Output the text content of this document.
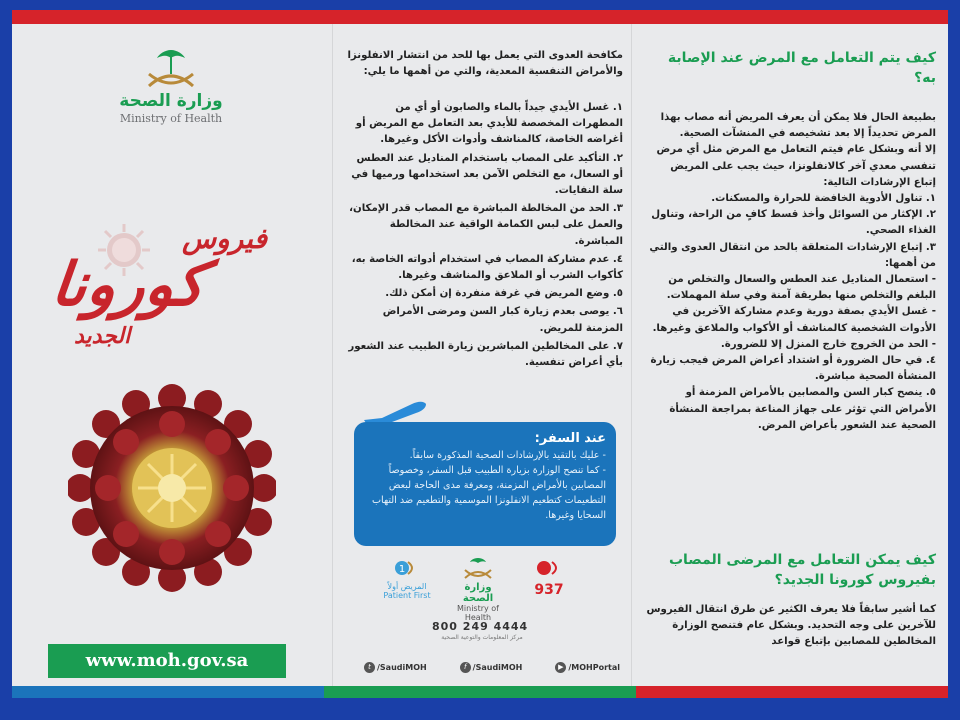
وزارة الصحة
Ministry of Health
فيروس
كورونا
الجديد
www.moh.gov.sa
مكافحة العدوى التي يعمل بها للحد من انتشار الانفلونزا والأمراض التنفسية المعدية، والتي من أهمها ما يلي:
١. غسل الأيدي جيداً بالماء والصابون أو أي من المطهرات المخصصة للأيدي بعد التعامل مع المريض أو أغراضه الخاصة، كالمناشف وأدوات الأكل وغيرها.
٢. التأكيد على المصاب باستخدام المناديل عند العطس أو السعال، مع التخلص الآمن بعد استخدامها ورميها في سلة النفايات.
٣. الحد من المخالطة المباشرة مع المصاب قدر الإمكان، والعمل على لبس الكمامة الواقية عند المخالطة المباشرة.
٤. عدم مشاركة المصاب في استخدام أدواته الخاصة به، كأكواب الشرب أو الملاعق والمناشف وغيرها.
٥. وضع المريض في غرفة منفردة إن أمكن ذلك.
٦. يوصى بعدم زيارة كبار السن ومرضى الأمراض المزمنة للمريض.
٧. على المخالطين المباشرين زيارة الطبيب عند الشعور بأي أعراض تنفسية.
عند السفر:
- عليك بالتقيد بالإرشادات الصحية المذكورة سابقاً.
- كما تنصح الوزارة بزيارة الطبيب قبل السفر، وخصوصاً المصابين بالأمراض المزمنة، ومعرفة مدى الحاجة لبعض التطعيمات كتطعيم الانفلونزا الموسمية والتطعيم ضد التهاب السحايا وغيرها.
1
المريض أولاً
Patient First
وزارة الصحة
Ministry of Health
937
800 249 4444
مركز المعلومات والتوعية الصحية
t /SaudiMOH	f /SaudiMOH	▶ /MOHPortal
كيف يتم التعامل مع المرض عند الإصابة به؟

بطبيعة الحال فلا يمكن أن يعرف المريض أنه مصاب بهذا المرض تحديداً إلا بعد تشخيصه في المنشآت الصحية.

إلا أنه وبشكل عام فيتم التعامل مع المرض مثل أي مرض تنفسي معدي آخر كالانفلونزا، حيث يجب على المريض إتباع الإرشادات التالية:

١. تناول الأدوية الخافضة للحرارة والمسكنات.

٢. الإكثار من السوائل وأخذ قسط كافٍ من الراحة، وتناول الغذاء الصحي.

٣. إتباع الإرشادات المتعلقة بالحد من انتقال العدوى والتي من أهمها:

- استعمال المناديل عند العطس والسعال والتخلص من البلغم والتخلص منها بطريقة آمنة وفي سلة المهملات.

- غسل الأيدي بصفة دورية وعدم مشاركة الآخرين في الأدوات الشخصية كالمناشف أو الأكواب والملاعق وغيرها.

- الحد من الخروج خارج المنزل إلا للضرورة.

٤. في حال الضرورة أو اشتداد أعراض المرض فيجب زيارة المنشأة الصحية مباشرة.

٥. ينصح كبار السن والمصابين بالأمراض المزمنة أو الأمراض التي تؤثر على جهاز المناعة بمراجعة المنشأة الصحية عند الشعور بأعراض المرض.

كيف يمكن التعامل مع المرضى المصاب بفيروس كورونا الجديد؟
كما أشير سابقاً فلا يعرف الكثير عن طرق انتقال الفيروس للآخرين على وجه التحديد. وبشكل عام فتنصح الوزارة المخالطين للمصابين بإتباع قواعد
